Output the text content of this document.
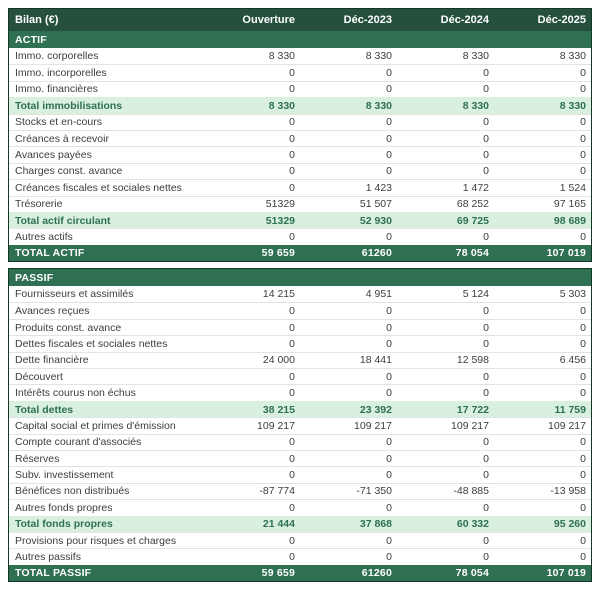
Bilan (€)	Ouverture	Déc-2023	Déc-2024	Déc-2025
ACTIF
Immo. corporelles	8 330	8 330	8 330	8 330
Immo. incorporelles	0	0	0	0
Immo. financières	0	0	0	0
Total immobilisations	8 330	8 330	8 330	8 330
Stocks et en-cours	0	0	0	0
Créances à recevoir	0	0	0	0
Avances payées	0	0	0	0
Charges const. avance	0	0	0	0
Créances fiscales et sociales nettes	0	1 423	1 472	1 524
Trésorerie	51329	51 507	68 252	97 165
Total actif circulant	51329	52 930	69 725	98 689
Autres actifs	0	0	0	0
TOTAL ACTIF	59 659	61260	78 054	107 019
PASSIF
Fournisseurs et assimilés	14 215	4 951	5 124	5 303
Avances reçues	0	0	0	0
Produits const. avance	0	0	0	0
Dettes fiscales et sociales nettes	0	0	0	0
Dette financière	24 000	18 441	12 598	6 456
Découvert	0	0	0	0
Intérêts courus non échus	0	0	0	0
Total dettes	38 215	23 392	17 722	11 759
Capital social et primes d'émission	109 217	109 217	109 217	109 217
Compte courant d'associés	0	0	0	0
Réserves	0	0	0	0
Subv. investissement	0	0	0	0
Bénéfices non distribués	-87 774	-71 350	-48 885	-13 958
Autres fonds propres	0	0	0	0
Total fonds propres	21 444	37 868	60 332	95 260
Provisions pour risques et charges	0	0	0	0
Autres passifs	0	0	0	0
TOTAL PASSIF	59 659	61260	78 054	107 019
